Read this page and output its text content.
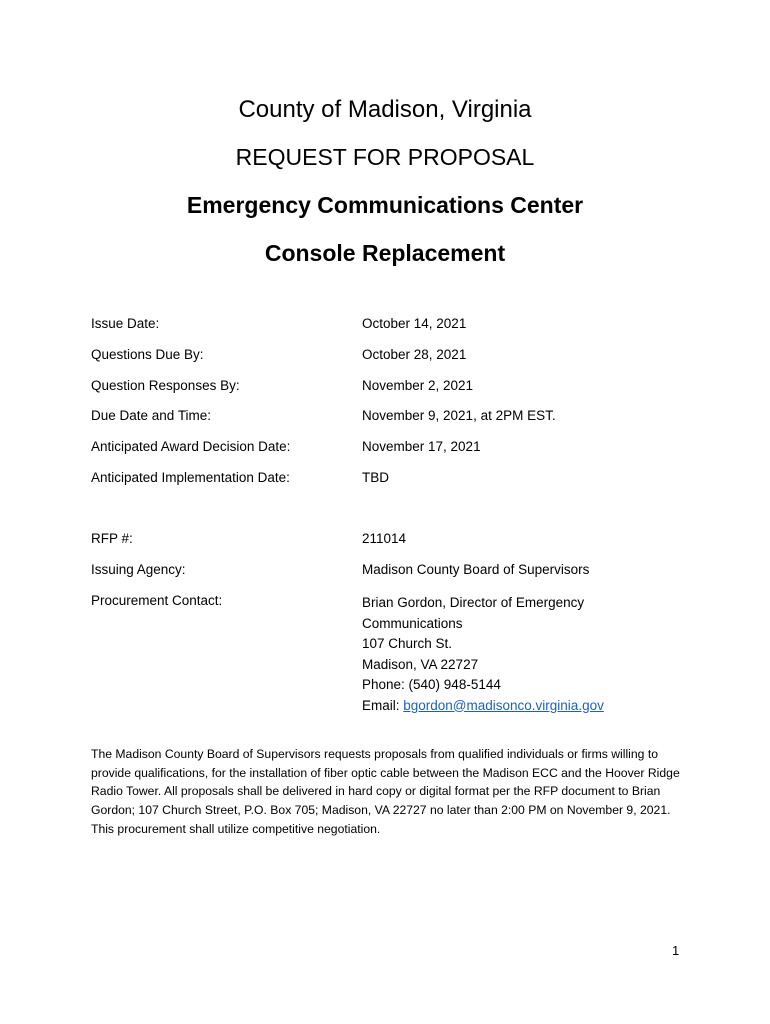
County of Madison, Virginia
REQUEST FOR PROPOSAL
Emergency Communications Center
Console Replacement
Issue Date:	October 14, 2021
Questions Due By:	October 28, 2021
Question Responses By:	November 2, 2021
Due Date and Time:	November 9, 2021, at 2PM EST.
Anticipated Award Decision Date:	November 17, 2021
Anticipated Implementation Date:	TBD
RFP #:	211014
Issuing Agency:	Madison County Board of Supervisors
Procurement Contact:	Brian Gordon, Director of Emergency
Communications
107 Church St.
Madison, VA 22727
Phone: (540) 948-5144
Email: bgordon@madisonco.virginia.gov
The Madison County Board of Supervisors requests proposals from qualified individuals or firms willing to provide qualifications, for the installation of fiber optic cable between the Madison ECC and the Hoover Ridge Radio Tower. All proposals shall be delivered in hard copy or digital format per the RFP document to Brian Gordon; 107 Church Street, P.O. Box 705; Madison, VA 22727 no later than 2:00 PM on November 9, 2021. This procurement shall utilize competitive negotiation.
1
